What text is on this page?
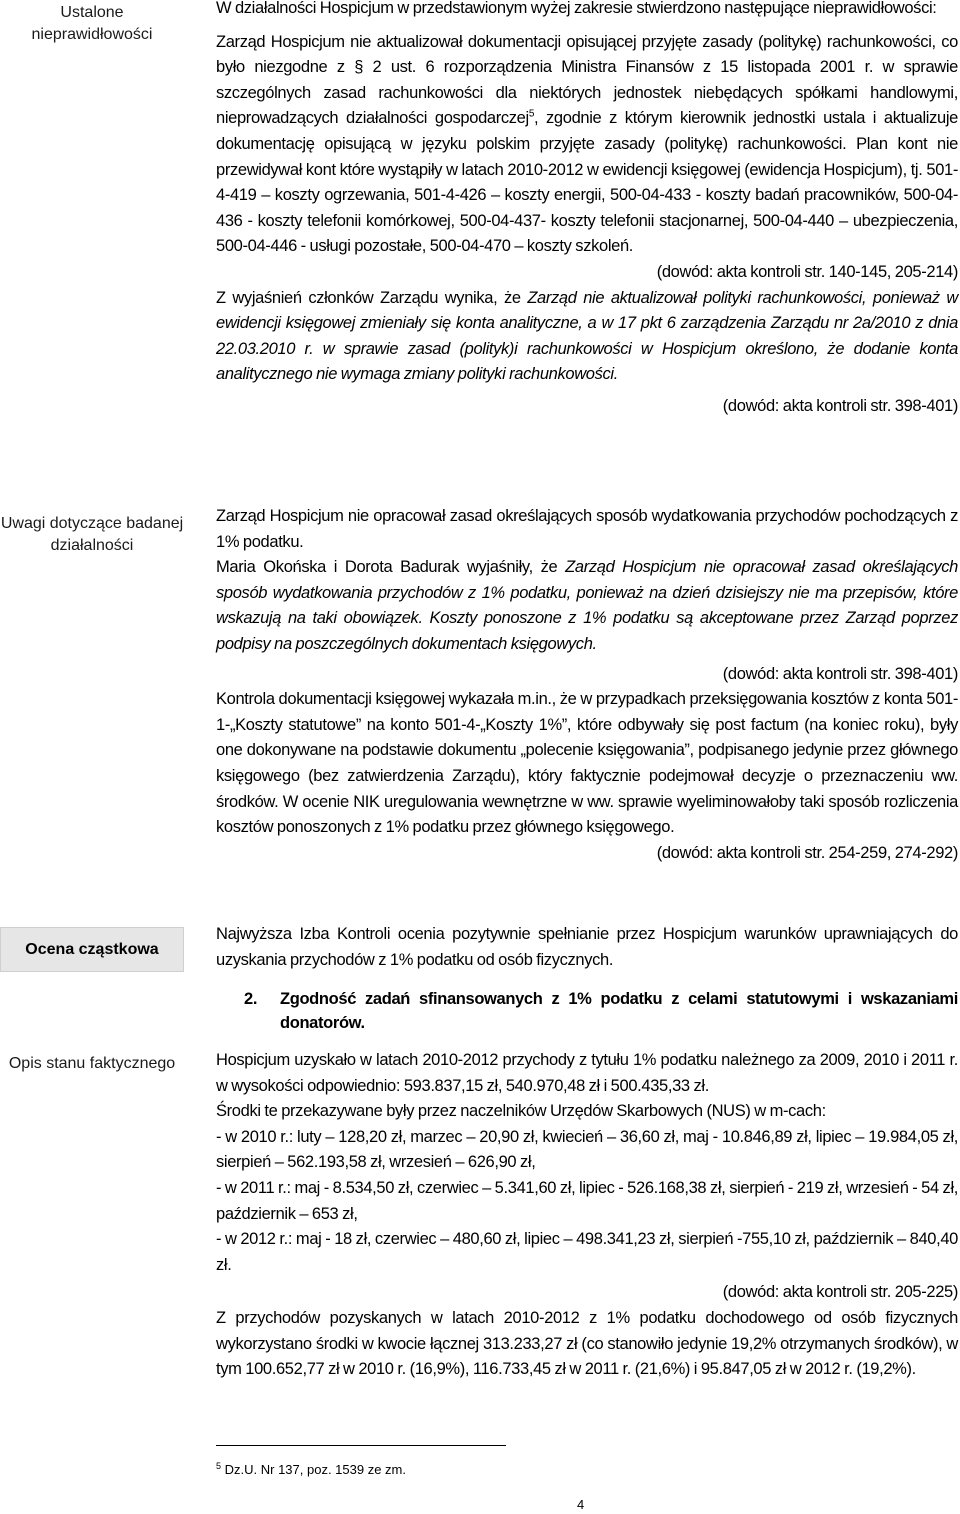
Ustalone nieprawidłowości
Uwagi dotyczące badanej działalności
Ocena cząstkowa
Opis stanu faktycznego

W działalności Hospicjum w przedstawionym wyżej zakresie stwierdzono następujące nieprawidłowości:

Zarząd Hospicjum nie aktualizował dokumentacji opisującej przyjęte zasady (politykę) rachunkowości, co było niezgodne z § 2 ust. 6 rozporządzenia Ministra Finansów z 15 listopada 2001 r. w sprawie szczególnych zasad rachunkowości dla niektórych jednostek niebędących spółkami handlowymi, nieprowadzących działalności gospodarczej$^5$, zgodnie z którym kierownik jednostki ustala i aktualizuje dokumentację opisującą w języku polskim przyjęte zasady (politykę) rachunkowości. Plan kont nie przewidywał kont które wystąpiły w latach 2010-2012 w ewidencji księgowej (ewidencja Hospicjum), tj. 501-4-419 – koszty ogrzewania, 501-4-426 – koszty energii, 500-04-433 - koszty badań pracowników, 500-04-436 - koszty telefonii komórkowej, 500-04-437- koszty telefonii stacjonarnej, 500-04-440 – ubezpieczenia, 500-04-446 - usługi pozostałe, 500-04-470 – koszty szkoleń.

(dowód: akta kontroli str. 140-145, 205-214)

Z wyjaśnień członków Zarządu wynika, że Zarząd nie aktualizował polityki rachunkowości, ponieważ w ewidencji księgowej zmieniały się konta analityczne, a w 17 pkt 6 zarządzenia Zarządu nr 2a/2010 z dnia 22.03.2010 r. w sprawie zasad (polityk)i rachunkowości w Hospicjum określono, że dodanie konta analitycznego nie wymaga zmiany polityki rachunkowości.

(dowód: akta kontroli str. 398-401)

Zarząd Hospicjum nie opracował zasad określających sposób wydatkowania przychodów pochodzących z 1% podatku.

Maria Okońska i Dorota Badurak wyjaśniły, że Zarząd Hospicjum nie opracował zasad określających sposób wydatkowania przychodów z 1% podatku, ponieważ na dzień dzisiejszy nie ma przepisów, które wskazują na taki obowiązek. Koszty ponoszone z 1% podatku są akceptowane przez Zarząd poprzez podpisy na poszczególnych dokumentach księgowych.

(dowód: akta kontroli str. 398-401)

Kontrola dokumentacji księgowej wykazała m.in., że w przypadkach przeksięgowania kosztów z konta 501-1-„Koszty statutowe” na konto 501-4-„Koszty 1%”, które odbywały się post factum (na koniec roku), były one dokonywane na podstawie dokumentu „polecenie księgowania”, podpisanego jedynie przez głównego księgowego (bez zatwierdzenia Zarządu), który faktycznie podejmował decyzje o przeznaczeniu ww. środków. W ocenie NIK uregulowania wewnętrzne w ww. sprawie wyeliminowałoby taki sposób rozliczenia kosztów ponoszonych z 1% podatku przez głównego księgowego.

(dowód: akta kontroli str. 254-259, 274-292)

Najwyższa Izba Kontroli ocenia pozytywnie spełnianie przez Hospicjum warunków uprawniających do uzyskania przychodów z 1% podatku od osób fizycznych.

2.	Zgodność zadań sfinansowanych z 1% podatku z celami statutowymi i wskazaniami donatorów.

Hospicjum uzyskało w latach 2010-2012 przychody z tytułu 1% podatku należnego za 2009, 2010 i 2011 r. w wysokości odpowiednio: 593.837,15 zł, 540.970,48 zł i 500.435,33 zł.

Środki te przekazywane były przez naczelników Urzędów Skarbowych (NUS) w m-cach:

- w 2010 r.: luty – 128,20 zł, marzec – 20,90 zł, kwiecień – 36,60 zł, maj - 10.846,89 zł, lipiec – 19.984,05 zł, sierpień – 562.193,58 zł, wrzesień – 626,90 zł,

- w 2011 r.: maj - 8.534,50 zł, czerwiec – 5.341,60 zł, lipiec - 526.168,38 zł, sierpień - 219 zł, wrzesień - 54 zł, październik – 653 zł,

- w 2012 r.: maj - 18 zł, czerwiec – 480,60 zł, lipiec – 498.341,23 zł, sierpień -755,10 zł, październik – 840,40 zł.

(dowód: akta kontroli str. 205-225)

Z przychodów pozyskanych w latach 2010-2012 z 1% podatku dochodowego od osób fizycznych wykorzystano środki w kwocie łącznej 313.233,27 zł (co stanowiło jedynie 19,2% otrzymanych środków), w tym 100.652,77 zł w 2010 r. (16,9%), 116.733,45 zł w 2011 r. (21,6%) i 95.847,05 zł w 2012 r. (19,2%).

$^5$ Dz.U. Nr 137, poz. 1539 ze zm.
4
